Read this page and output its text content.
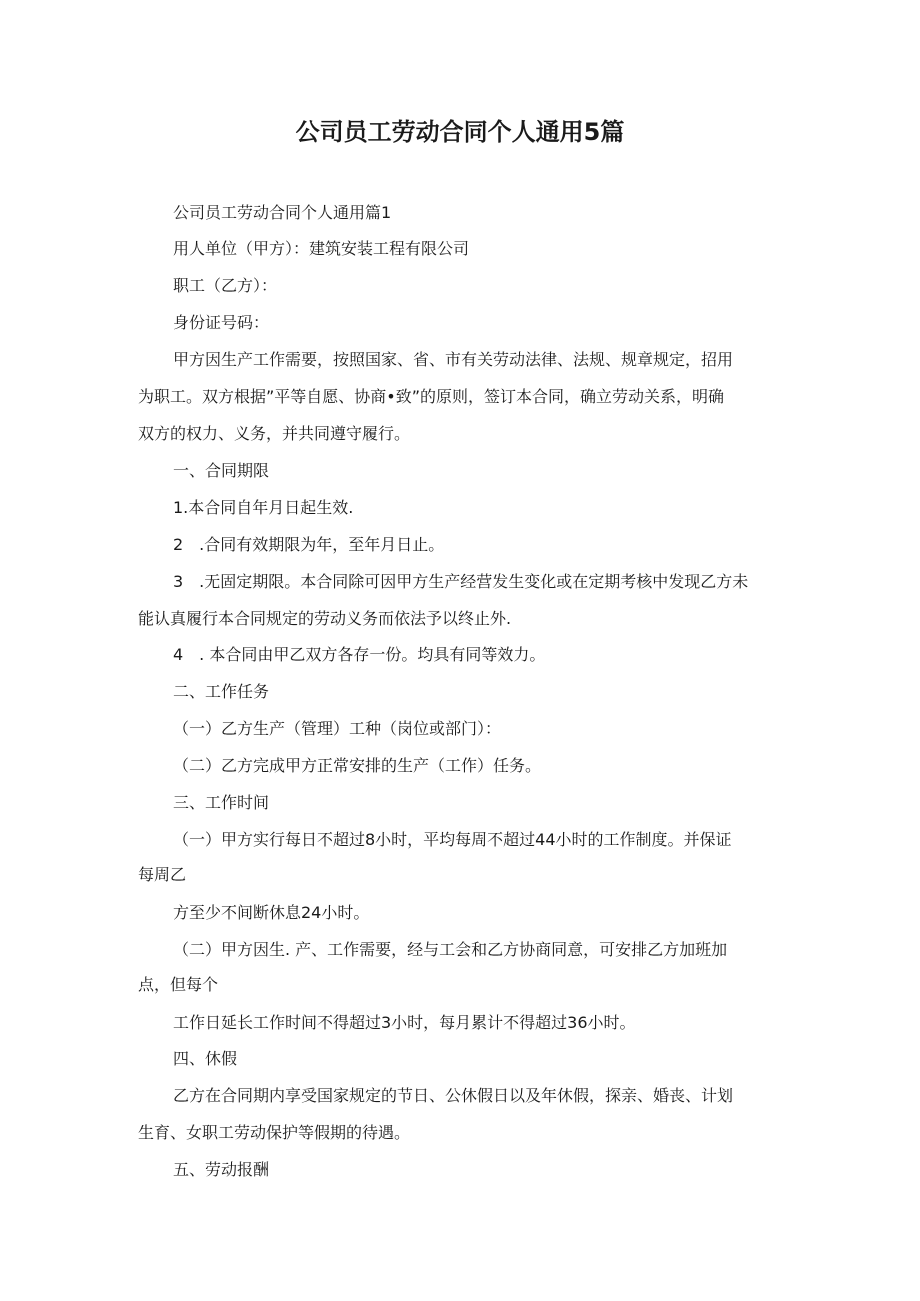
公司员工劳动合同个人通用5篇
公司员工劳动合同个人通用篇1
用人单位（甲方）：建筑安装工程有限公司
职工（乙方）：
身份证号码：
甲方因生产工作需要，按照国家、省、市有关劳动法律、法规、规章规定，招用
为职工。双方根据”平等自愿、协商•致”的原则，签订本合同，确立劳动关系，明确
双方的权力、义务，并共同遵守履行。
一、合同期限
1.本合同自年月日起生效.
2　.合同有效期限为年，至年月日止。
3　.无固定期限。本合同除可因甲方生产经营发生变化或在定期考核中发现乙方未
能认真履行本合同规定的劳动义务而依法予以终止外.
4　. 本合同由甲乙双方各存一份。均具有同等效力。
二、工作任务
（一）乙方生产（管理）工种（岗位或部门）：
（二）乙方完成甲方正常安排的生产（工作）任务。
三、工作时间
（一）甲方实行每日不超过8小时，平均每周不超过44小时的工作制度。并保证
每周乙
方至少不间断休息24小时。
（二）甲方因生. 产、工作需要，经与工会和乙方协商同意，可安排乙方加班加
点，但每个
工作日延长工作时间不得超过3小时，每月累计不得超过36小时。
四、休假
乙方在合同期内享受国家规定的节日、公休假日以及年休假，探亲、婚丧、计划
生育、女职工劳动保护等假期的待遇。
五、劳动报酬
